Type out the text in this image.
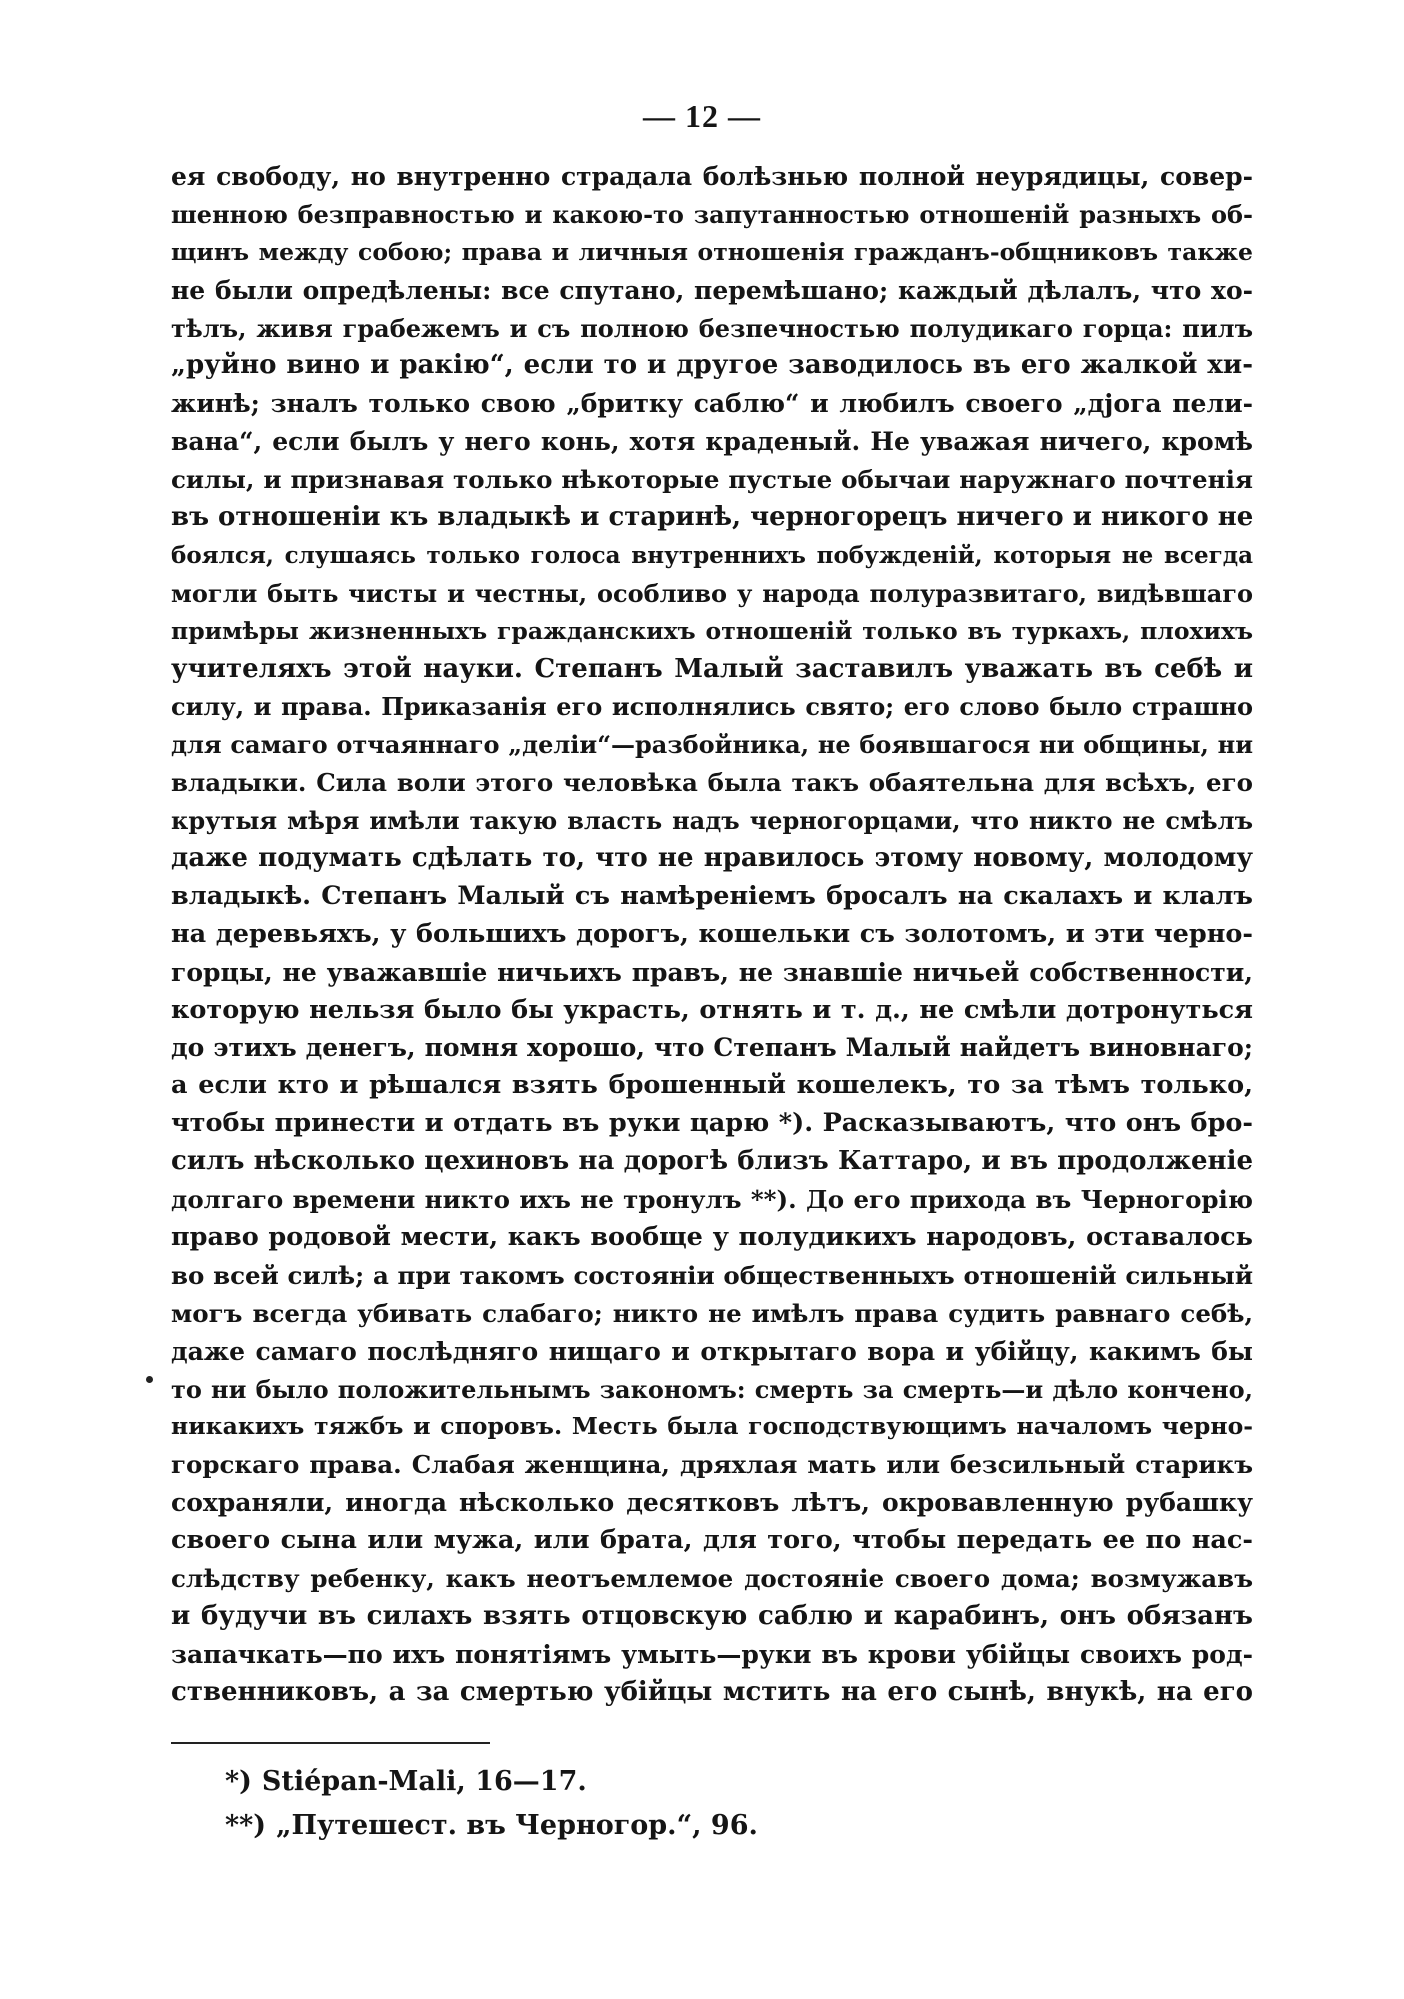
— 12 —
ея свободу, но внутренно страдала болѣзнью полной неурядицы, совер-
шенною безправностью и какою-то запутанностью отношенiй разныхъ об-
щинъ между собою; права и личныя отношенiя гражданъ-общниковъ также
не были опредѣлены: все спутано, перемѣшано; каждый дѣлалъ, что хо-
тѣлъ, живя грабежемъ и съ полною безпечностью полудикаго горца: пилъ
„руйно вино и ракiю“, если то и другое заводилось въ его жалкой хи-
жинѣ; зналъ только свою „бритку саблю“ и любилъ своего „дjога пели-
вана“, если былъ у него конь, хотя краденый. Не уважая ничего, кромѣ
силы, и признавая только нѣкоторые пустые обычаи наружнаго почтенiя
въ отношенiи къ владыкѣ и старинѣ, черногорецъ ничего и никого не
боялся, слушаясь только голоса внутреннихъ побужденiй, которыя не всегда
могли быть чисты и честны, особливо у народа полуразвитаго, видѣвшаго
примѣры жизненныхъ гражданскихъ отношенiй только въ туркахъ, плохихъ
учителяхъ этой науки. Степанъ Малый заставилъ уважать въ себѣ и
силу, и права. Приказанiя его исполнялись свято; его слово было страшно
для самаго отчаяннаго „делiи“—разбойника, не боявшагося ни общины, ни
владыки. Сила воли этого человѣка была такъ обаятельна для всѣхъ, его
крутыя мѣря имѣли такую власть надъ черногорцами, что никто не смѣлъ
даже подумать сдѣлать то, что не нравилось этому новому, молодому
владыкѣ. Степанъ Малый съ намѣренiемъ бросалъ на скалахъ и клалъ
на деревьяхъ, у большихъ дорогъ, кошельки съ золотомъ, и эти черно-
горцы, не уважавшiе ничьихъ правъ, не знавшiе ничьей собственности,
которую нельзя было бы украсть, отнять и т. д., не смѣли дотронуться
до этихъ денегъ, помня хорошо, что Степанъ Малый найдетъ виновнаго;
а если кто и рѣшался взять брошенный кошелекъ, то за тѣмъ только,
чтобы принести и отдать въ руки царю *). Расказываютъ, что онъ бро-
силъ нѣсколько цехиновъ на дорогѣ близъ Каттаро, и въ продолженiе
долгаго времени никто ихъ не тронулъ **). До его прихода въ Черногорiю
право родовой мести, какъ вообще у полудикихъ народовъ, оставалось
во всей силѣ; а при такомъ состоянiи общественныхъ отношенiй сильный
могъ всегда убивать слабаго; никто не имѣлъ права судить равнаго себѣ,
даже самаго послѣдняго нищаго и открытаго вора и убiйцу, какимъ бы
то ни было положительнымъ закономъ: смерть за смерть—и дѣло кончено,
никакихъ тяжбъ и споровъ. Месть была господствующимъ началомъ черно-
горскаго права. Слабая женщина, дряхлая мать или безсильный старикъ
сохраняли, иногда нѣсколько десятковъ лѣтъ, окровавленную рубашку
своего сына или мужа, или брата, для того, чтобы передать ее по нас-
слѣдству ребенку, какъ неотъемлемое достоянiе своего дома; возмужавъ
и будучи въ силахъ взять отцовскую саблю и карабинъ, онъ обязанъ
запачкать—по ихъ понятiямъ умыть—руки въ крови убiйцы своихъ род-
ственниковъ, а за смертью убiйцы мстить на его сынѣ, внукѣ, на его
*) Stiépan-Mali, 16—17.
**) „Путешест. въ Черногор.“, 96.
